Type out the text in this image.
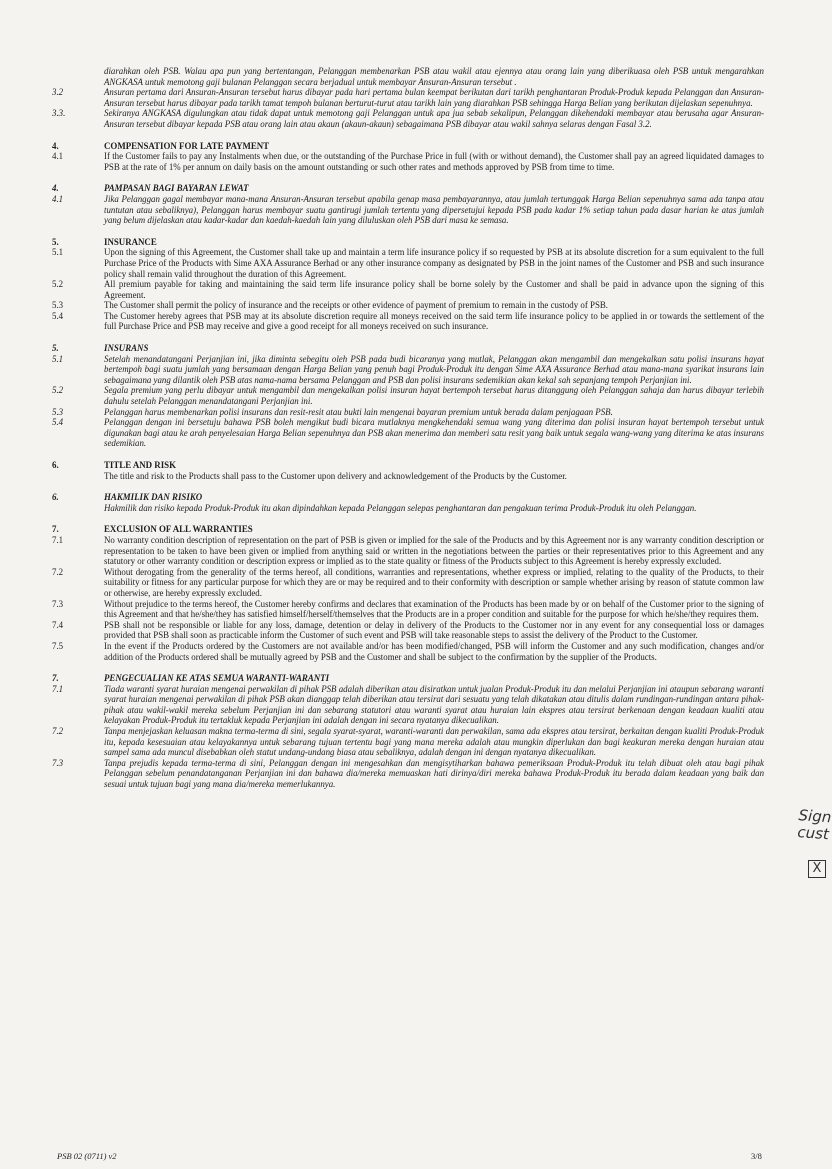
diarahkan oleh PSB. Walau apa pun yang bertentangan, Pelanggan membenarkan PSB atau wakil atau ejennya atau orang lain yang diberikuasa oleh PSB untuk mengarahkan ANGKASA untuk memotong gaji bulanan Pelanggan secara berjadual untuk membayar Ansuran-Ansuran tersebut .
3.2	Ansuran pertama dari Ansuran-Ansuran tersebut harus dibayar pada hari pertama bulan keempat berikutan dari tarikh penghantaran Produk-Produk kepada Pelanggan dan Ansuran-Ansuran tersebut harus dibayar pada tarikh tamat tempoh bulanan berturut-turut atau tarikh lain yang diarahkan PSB sehingga Harga Belian yang berikutan dijelaskan sepenuhnya.
3.3.	Sekiranya ANGKASA digulungkan atau tidak dapat untuk memotong gaji Pelanggan untuk apa jua sebab sekalipun, Pelanggan dikehendaki membayar atau berusaha agar Ansuran-Ansuran tersebut dibayar kepada PSB atau orang lain atau akaun (akaun-akaun) sebagaimana PSB dibayar atau wakil sahnya selaras dengan Fasal 3.2.
4.	COMPENSATION FOR LATE PAYMENT
4.1	If the Customer fails to pay any Instalments when due, or the outstanding of the Purchase Price in full (with or without demand), the Customer shall pay an agreed liquidated damages to PSB at the rate of 1% per annum on daily basis on the amount outstanding or such other rates and methods approved by PSB from time to time.
4.	PAMPASAN BAGI BAYARAN LEWAT
4.1	Jika Pelanggan gagal membayar mana-mana Ansuran-Ansuran tersebut apabila genap masa pembayarannya, atau jumlah tertunggak Harga Belian sepenuhnya sama ada tanpa atau tuntutan atau sebaliknya), Pelanggan harus membayar suatu gantirugi jumlah tertentu yang dipersetujui kepada PSB pada kadar 1% setiap tahun pada dasar harian ke atas jumlah yang belum dijelaskan atau kadar-kadar dan kaedah-kaedah lain yang diluluskan oleh PSB dari masa ke semasa.
5.	INSURANCE
5.1	Upon the signing of this Agreement, the Customer shall take up and maintain a term life insurance policy if so requested by PSB at its absolute discretion for a sum equivalent to the full Purchase Price of the Products with Sime AXA Assurance Berhad or any other insurance company as designated by PSB in the joint names of the Customer and PSB and such insurance policy shall remain valid throughout the duration of this Agreement.
5.2	All premium payable for taking and maintaining the said term life insurance policy shall be borne solely by the Customer and shall be paid in advance upon the signing of this Agreement.
5.3	The Customer shall permit the policy of insurance and the receipts or other evidence of payment of premium to remain in the custody of PSB.
5.4	The Customer hereby agrees that PSB may at its absolute discretion require all moneys received on the said term life insurance policy to be applied in or towards the settlement of the full Purchase Price and PSB may receive and give a good receipt for all moneys received on such insurance.
5.	INSURANS
5.1	Setelah menandatangani Perjanjian ini, jika diminta sebegitu oleh PSB pada budi bicaranya yang mutlak, Pelanggan akan mengambil dan mengekalkan satu polisi insurans hayat bertempoh bagi suatu jumlah yang bersamaan dengan Harga Belian yang penuh bagi Produk-Produk itu dengan Sime AXA Assurance Berhad atau mana-mana syarikat insurans lain sebagaimana yang dilantik oleh PSB atas nama-nama bersama Pelanggan and PSB dan polisi insurans sedemikian akan kekal sah sepanjang tempoh Perjanjian ini.
5.2	Segala premium yang perlu dibayar untuk mengambil dan mengekalkan polisi insuran hayat bertempoh tersebut harus ditanggung oleh Pelanggan sahaja dan harus dibayar terlebih dahulu setelah Pelanggan menandatangani Perjanjian ini.
5.3	Pelanggan harus membenarkan polisi insurans dan resit-resit atau bukti lain mengenai bayaran premium untuk berada dalam penjagaan PSB.
5.4	Pelanggan dengan ini bersetuju bahawa PSB boleh mengikut budi bicara mutlaknya mengkehendaki semua wang yang diterima dan polisi insuran hayat bertempoh tersebut untuk digunakan bagi atau ke arah penyelesaian Harga Belian sepenuhnya dan PSB akan menerima dan memberi satu resit yang baik untuk segala wang-wang yang diterima ke atas insurans sedemikian.
6.	TITLE AND RISK
The title and risk to the Products shall pass to the Customer upon delivery and acknowledgement of the Products by the Customer.
6.	HAKMILIK DAN RISIKO
Hakmilik dan risiko kepada Produk-Produk itu akan dipindahkan kepada Pelanggan selepas penghantaran dan pengakuan terima Produk-Produk itu oleh Pelanggan.
7.	EXCLUSION OF ALL WARRANTIES
7.1	No warranty condition description of representation on the part of PSB is given or implied for the sale of the Products and by this Agreement nor is any warranty condition description or representation to be taken to have been given or implied from anything said or written in the negotiations between the parties or their representatives prior to this Agreement and any statutory or other warranty condition or description express or implied as to the state quality or fitness of the Products subject to this Agreement is hereby expressly excluded.
7.2	Without derogating from the generality of the terms hereof, all conditions, warranties and representations, whether express or implied, relating to the quality of the Products, to their suitability or fitness for any particular purpose for which they are or may be required and to their conformity with description or sample whether arising by reason of statute common law or otherwise, are hereby expressly excluded.
7.3	Without prejudice to the terms hereof, the Customer hereby confirms and declares that examination of the Products has been made by or on behalf of the Customer prior to the signing of this Agreement and that he/she/they has satisfied himself/herself/themselves that the Products are in a proper condition and suitable for the purpose for which he/she/they requires them.
7.4	PSB shall not be responsible or liable for any loss, damage, detention or delay in delivery of the Products to the Customer nor in any event for any consequential loss or damages provided that PSB shall soon as practicable inform the Customer of such event and PSB will take reasonable steps to assist the delivery of the Product to the Customer.
7.5	In the event if the Products ordered by the Customers are not available and/or has been modified/changed, PSB will inform the Customer and any such modification, changes and/or addition of the Products ordered shall be mutually agreed by PSB and the Customer and shall be subject to the confirmation by the supplier of the Products.
7.	PENGECUALIAN KE ATAS SEMUA WARANTI-WARANTI
7.1	Tiada waranti syarat huraian mengenai perwakilan di pihak PSB adalah diberikan atau disiratkan untuk jualan Produk-Produk itu dan melalui Perjanjian ini ataupun sebarang waranti syarat huraian mengenai perwakilan di pihak PSB akan dianggap telah diberikan atau tersirat dari sesuatu yang telah dikatakan atau ditulis dalam rundingan-rundingan antara pihak-pihak atau wakil-wakil mereka sebelum Perjanjian ini dan sebarang statutori atau waranti syarat atau huraian lain ekspres atau tersirat berkenaan dengan keadaan kualiti atau kelayakan Produk-Produk itu tertakluk kepada Perjanjian ini adalah dengan ini secara nyatanya dikecualikan.
7.2	Tanpa menjejaskan keluasan makna terma-terma di sini, segala syarat-syarat, waranti-waranti dan perwakilan, sama ada ekspres atau tersirat, berkaitan dengan kualiti Produk-Produk itu, kepada kesesuaian atau kelayakannya untuk sebarang tujuan tertentu bagi yang mana mereka adalah atau mungkin diperlukan dan bagi keakuran mereka dengan huraian atau sampel sama ada muncul disebabkan oleh statut undang-undang biasa atau sebaliknya, adalah dengan ini dengan nyatanya dikecualikan.
7.3	Tanpa prejudis kepada terma-terma di sini, Pelanggan dengan ini mengesahkan dan mengisytiharkan bahawa pemeriksaan Produk-Produk itu telah dibuat oleh atau bagi pihak Pelanggan sebelum penandatanganan Perjanjian ini dan bahawa dia/mereka memuaskan hati dirinya/diri mereka bahawa Produk-Produk itu berada dalam keadaan yang baik dan sesuai untuk tujuan bagi yang mana dia/mereka memerlukannya.
Sign
cust
X
PSB 02 (0711) v2	3/8
